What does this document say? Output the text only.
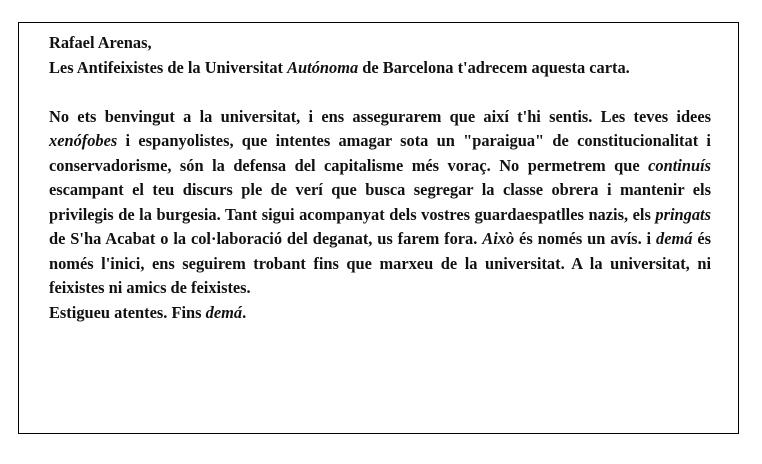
Rafael Arenas,

Les Antifeixistes de la Universitat Autónoma de Barcelona t'adrecem aquesta carta.

No ets benvingut a la universitat, i ens assegurarem que així t'hi sentis. Les teves idees xenófobes i espanyolistes, que intentes amagar sota un "paraigua" de constitucionalitat i conservadorisme, són la defensa del capitalisme més voraç. No permetrem que continuís escampant el teu discurs ple de verí que busca segregar la classe obrera i mantenir els privilegis de la burgesia. Tant sigui acompanyat dels vostres guardaespatlles nazis, els pringats de S'ha Acabat o la col·laboració del deganat, us farem fora. Això és només un avís. i demá és només l'inici, ens seguirem trobant fins que marxeu de la universitat. A la universitat, ni feixistes ni amics de feixistes.

Estigueu atentes. Fins demá.
